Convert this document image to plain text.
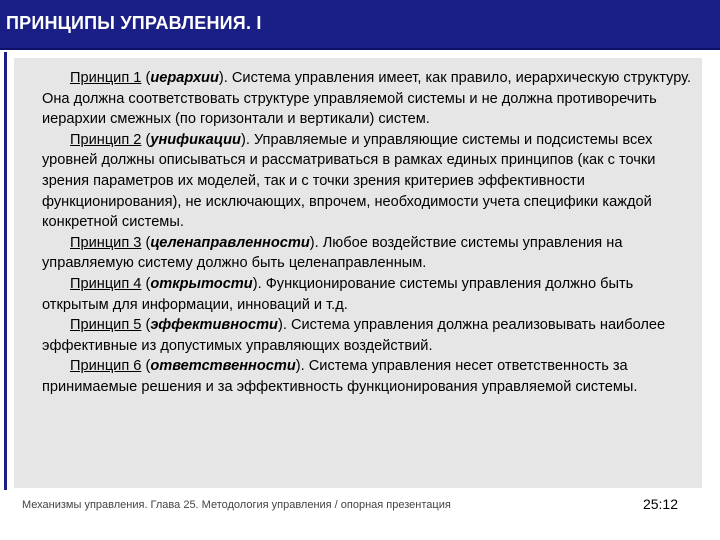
ПРИНЦИПЫ УПРАВЛЕНИЯ. I

Принцип 1 (иерархии). Система управления имеет, как правило, иерархическую структуру. Она должна соответствовать структуре управляемой системы и не должна противоречить иерархии смежных (по горизонтали и вертикали) систем.

Принцип 2 (унификации). Управляемые и управляющие системы и подсистемы всех уровней должны описываться и рассматриваться в рамках единых принципов (как с точки зрения параметров их моделей, так и с точки зрения критериев эффективности функционирования), не исключающих, впрочем, необходимости учета специфики каждой конкретной системы.

Принцип 3 (целенаправленности). Любое воздействие системы управления на управляемую систему должно быть целенаправленным.

Принцип 4 (открытости). Функционирование системы управления должно быть открытым для информации, инноваций и т.д.

Принцип 5 (эффективности). Система управления должна реализовывать наиболее эффективные из допустимых управляющих воздействий.

Принцип 6 (ответственности). Система управления несет ответственность за принимаемые решения и за эффективность функционирования управляемой системы.

Механизмы управления. Глава 25. Методология управления / опорная презентация	25:12
